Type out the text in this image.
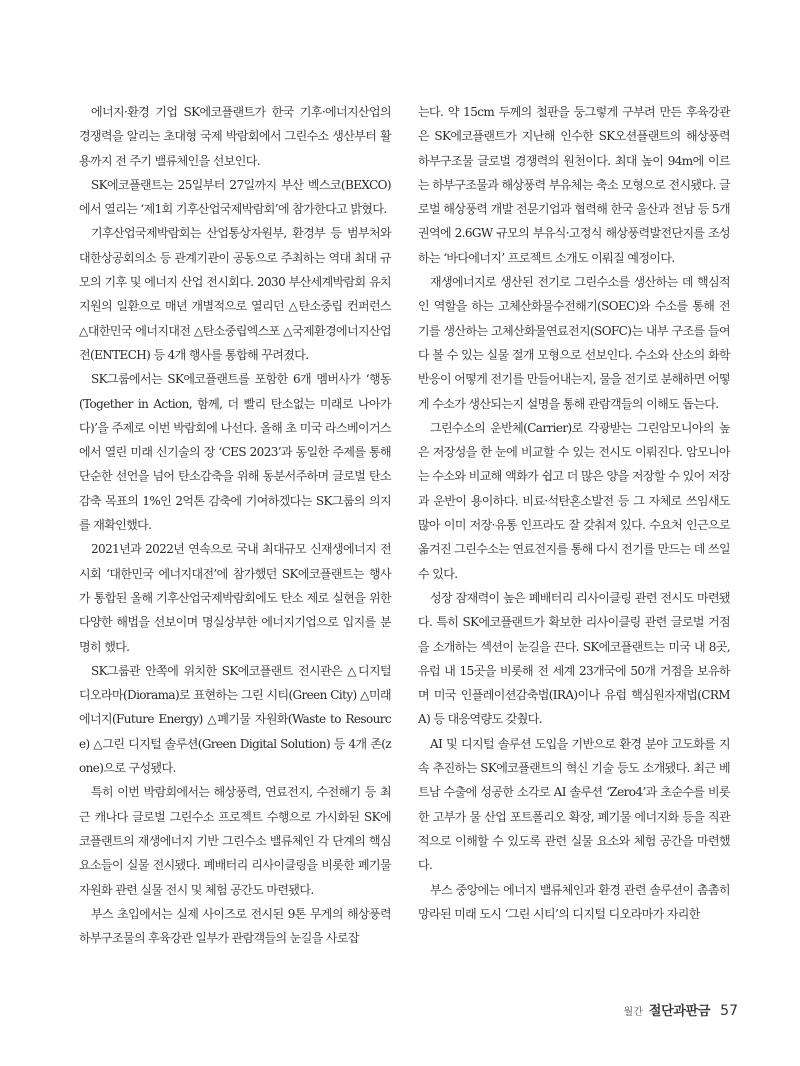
에너지·환경 기업 SK에코플랜트가 한국 기후·에너지산업의 경쟁력을 알리는 초대형 국제 박람회에서 그린수소 생산부터 활용까지 전 주기 밸류체인을 선보인다.

SK에코플랜트는 25일부터 27일까지 부산 벡스코(BEXCO)에서 열리는 ‘제1회 기후산업국제박람회’에 참가한다고 밝혔다.

기후산업국제박람회는 산업통상자원부, 환경부 등 범부처와 대한상공회의소 등 관계기관이 공동으로 주최하는 역대 최대 규모의 기후 및 에너지 산업 전시회다. 2030 부산세계박람회 유치 지원의 일환으로 매년 개별적으로 열리던 △탄소중립 컨퍼런스 △대한민국 에너지대전 △탄소중립엑스포 △국제환경에너지산업전(ENTECH) 등 4개 행사를 통합해 꾸려졌다.

SK그룹에서는 SK에코플랜트를 포함한 6개 멤버사가 ‘행동(Together in Action, 함께, 더 빨리 탄소없는 미래로 나아가다)’을 주제로 이번 박람회에 나선다. 올해 초 미국 라스베이거스에서 열린 미래 신기술의 장 ‘CES 2023’과 동일한 주제를 통해 단순한 선언을 넘어 탄소감축을 위해 동분서주하며 글로벌 탄소감축 목표의 1%인 2억톤 감축에 기여하겠다는 SK그룹의 의지를 재확인했다.

2021년과 2022년 연속으로 국내 최대규모 신재생에너지 전시회 ‘대한민국 에너지대전’에 참가했던 SK에코플랜트는 행사가 통합된 올해 기후산업국제박람회에도 탄소 제로 실현을 위한 다양한 해법을 선보이며 명실상부한 에너지기업으로 입지를 분명히 했다.

SK그룹관 안쪽에 위치한 SK에코플랜트 전시관은 △디지털 디오라마(Diorama)로 표현하는 그린 시티(Green City) △미래 에너지(Future Energy) △폐기물 자원화(Waste to Resource) △그린 디지털 솔루션(Green Digital Solution) 등 4개 존(zone)으로 구성됐다.

특히 이번 박람회에서는 해상풍력, 연료전지, 수전해기 등 최근 캐나다 글로벌 그린수소 프로젝트 수행으로 가시화된 SK에코플랜트의 재생에너지 기반 그린수소 밸류체인 각 단계의 핵심 요소들이 실물 전시됐다. 폐배터리 리사이클링을 비롯한 폐기물 자원화 관련 실물 전시 및 체험 공간도 마련됐다.

부스 초입에서는 실제 사이즈로 전시된 9톤 무게의 해상풍력 하부구조물의 후육강관 일부가 관람객들의 눈길을 사로잡

는다. 약 15cm 두께의 철판을 둥그렇게 구부려 만든 후육강관은 SK에코플랜트가 지난해 인수한 SK오션플랜트의 해상풍력 하부구조물 글로벌 경쟁력의 원천이다. 최대 높이 94m에 이르는 하부구조물과 해상풍력 부유체는 축소 모형으로 전시됐다. 글로벌 해상풍력 개발 전문기업과 협력해 한국 울산과 전남 등 5개 권역에 2.6GW 규모의 부유식·고정식 해상풍력발전단지를 조성하는 ‘바다에너지’ 프로젝트 소개도 이뤄질 예정이다.

재생에너지로 생산된 전기로 그린수소를 생산하는 데 핵심적인 역할을 하는 고체산화물수전해기(SOEC)와 수소를 통해 전기를 생산하는 고체산화물연료전지(SOFC)는 내부 구조를 들여다 볼 수 있는 실물 절개 모형으로 선보인다. 수소와 산소의 화학반응이 어떻게 전기를 만들어내는지, 물을 전기로 분해하면 어떻게 수소가 생산되는지 설명을 통해 관람객들의 이해도 돕는다.

그린수소의 운반체(Carrier)로 각광받는 그린암모니아의 높은 저장성을 한 눈에 비교할 수 있는 전시도 이뤄진다. 암모니아는 수소와 비교해 액화가 쉽고 더 많은 양을 저장할 수 있어 저장과 운반이 용이하다. 비료·석탄혼소발전 등 그 자체로 쓰임새도 많아 이미 저장·유통 인프라도 잘 갖춰져 있다. 수요처 인근으로 옮겨진 그린수소는 연료전지를 통해 다시 전기를 만드는 데 쓰일 수 있다.

성장 잠재력이 높은 폐배터리 리사이클링 관련 전시도 마련됐다. 특히 SK에코플랜트가 확보한 리사이클링 관련 글로벌 거점을 소개하는 섹션이 눈길을 끈다. SK에코플랜트는 미국 내 8곳, 유럽 내 15곳을 비롯해 전 세계 23개국에 50개 거점을 보유하며 미국 인플레이션감축법(IRA)이나 유럽 핵심원자재법(CRMA) 등 대응역량도 갖췄다.

AI 및 디지털 솔루션 도입을 기반으로 환경 분야 고도화를 지속 추진하는 SK에코플랜트의 혁신 기술 등도 소개됐다. 최근 베트남 수출에 성공한 소각로 AI 솔루션 ‘Zero4’과 초순수를 비롯한 고부가 물 산업 포트폴리오 확장, 폐기물 에너지화 등을 직관적으로 이해할 수 있도록 관련 실물 요소와 체험 공간을 마련했다.

부스 중앙에는 에너지 밸류체인과 환경 관련 솔루션이 촘촘히 망라된 미래 도시 ‘그린 시티’의 디지털 디오라마가 자리한

월간 절단과판금 57
